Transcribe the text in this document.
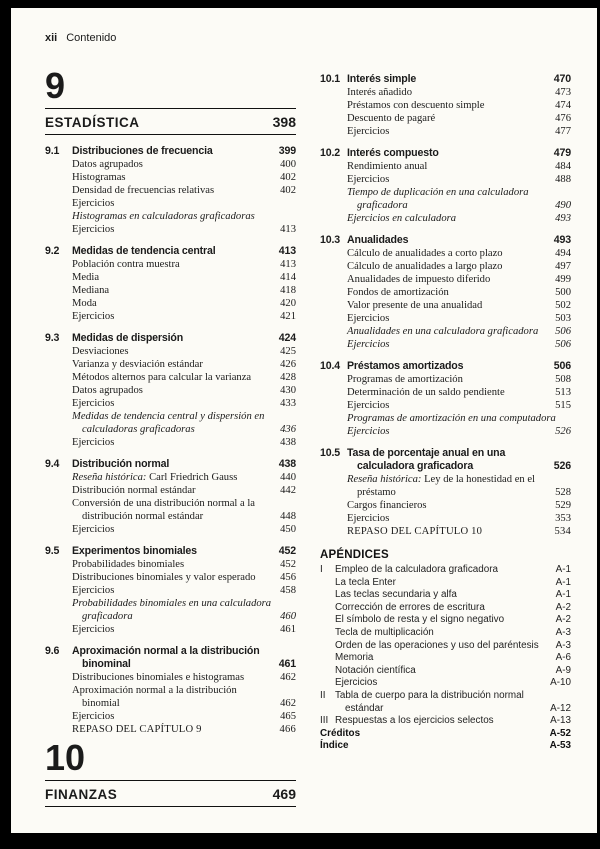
xii Contenido
9
ESTADÍSTICA	398
9.1	Distribuciones de frecuencia	399
Datos agrupados	400
Histogramas	402
Densidad de frecuencias relativas	402
Ejercicios
Histogramas en calculadoras graficadoras
Ejercicios	413
9.2	Medidas de tendencia central	413
Población contra muestra	413
Media	414
Mediana	418
Moda	420
Ejercicios	421
9.3	Medidas de dispersión	424
Desviaciones	425
Varianza y desviación estándar	426
Métodos alternos para calcular la varianza	428
Datos agrupados	430
Ejercicios	433
Medidas de tendencia central y dispersión en calculadoras graficadoras	436
Ejercicios	438
9.4	Distribución normal	438
Reseña histórica: Carl Friedrich Gauss	440
Distribución normal estándar	442
Conversión de una distribución normal a la distribución normal estándar	448
Ejercicios	450
9.5	Experimentos binomiales	452
Probabilidades binomiales	452
Distribuciones binomiales y valor esperado	456
Ejercicios	458
Probabilidades binomiales en una calculadora graficadora	460
Ejercicios	461
9.6	Aproximación normal a la distribución binominal	461
Distribuciones binomiales e histogramas	462
Aproximación normal a la distribución binomial	462
Ejercicios	465
REPASO DEL CAPÍTULO 9	466
10
FINANZAS	469
10.1 Interés simple	470
Interés añadido	473
Préstamos con descuento simple	474
Descuento de pagaré	476
Ejercicios	477
10.2 Interés compuesto	479
Rendimiento anual	484
Ejercicios	488
Tiempo de duplicación en una calculadora graficadora	490
Ejercicios en calculadora	493
10.3 Anualidades	493
Cálculo de anualidades a corto plazo	494
Cálculo de anualidades a largo plazo	497
Anualidades de impuesto diferido	499
Fondos de amortización	500
Valor presente de una anualidad	502
Ejercicios	503
Anualidades en una calculadora graficadora	506
Ejercicios	506
10.4 Préstamos amortizados	506
Programas de amortización	508
Determinación de un saldo pendiente	513
Ejercicios	515
Programas de amortización en una computadora
Ejercicios	526
10.5 Tasa de porcentaje anual en una calculadora graficadora	526
Reseña histórica: Ley de la honestidad en el préstamo	528
Cargos financieros	529
Ejercicios	353
REPASO DEL CAPÍTULO 10	534
APÉNDICES
I	Empleo de la calculadora graficadora	A-1
La tecla Enter	A-1
Las teclas secundaria y alfa	A-1
Corrección de errores de escritura	A-2
El símbolo de resta y el signo negativo	A-2
Tecla de multiplicación	A-3
Orden de las operaciones y uso del paréntesis	A-3
Memoria	A-6
Notación científica	A-9
Ejercicios	A-10
II Tabla de cuerpo para la distribución normal estándar	A-12
III Respuestas a los ejercicios selectos	A-13
Créditos	A-52
Índice	A-53
